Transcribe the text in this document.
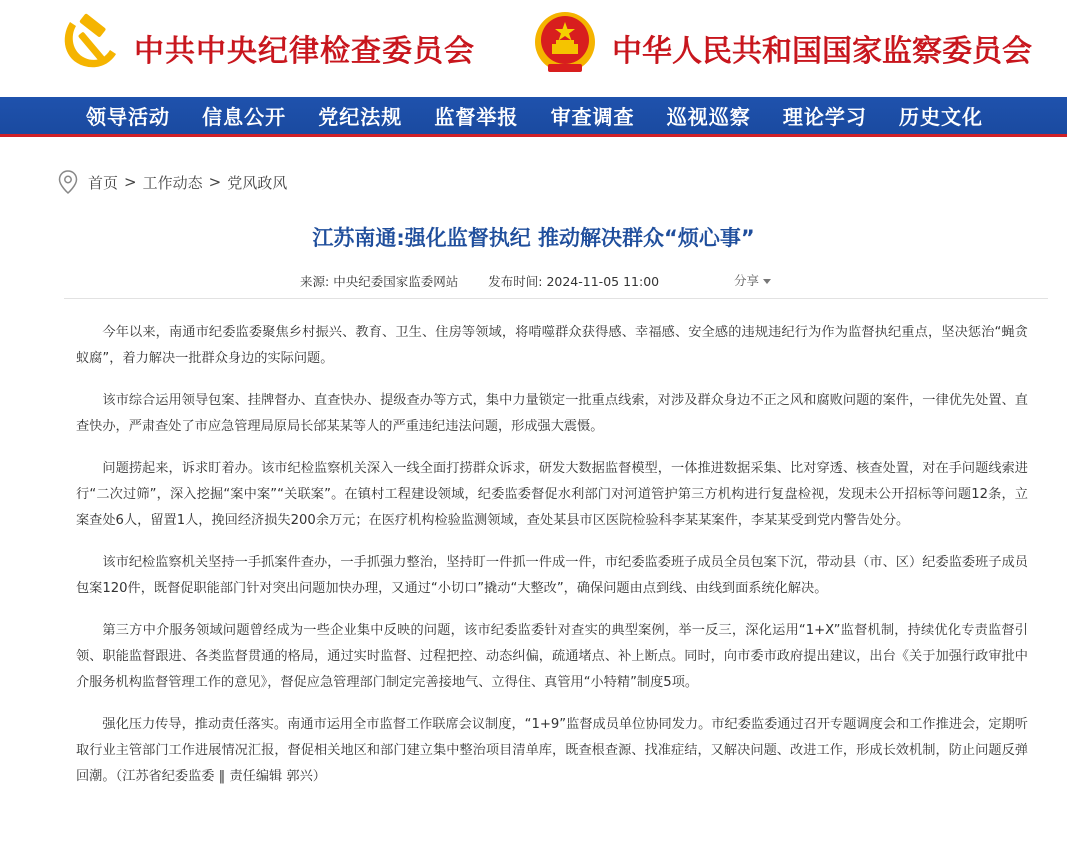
中共中央纪律检查委员会	中华人民共和国国家监察委员会
领导活动 信息公开 党纪法规 监督举报 审查调查 巡视巡察 理论学习 历史文化
首页 > 工作动态 > 党风政风
江苏南通:强化监督执纪 推动解决群众“烦心事”
来源: 中央纪委国家监委网站 发布时间: 2024-11-05 11:00	分享

今年以来，南通市纪委监委聚焦乡村振兴、教育、卫生、住房等领域，将啃噬群众获得感、幸福感、安全感的违规违纪行为作为监督执纪重点，坚决惩治“蝇贪蚁腐”，着力解决一批群众身边的实际问题。

该市综合运用领导包案、挂牌督办、直查快办、提级查办等方式，集中力量锁定一批重点线索，对涉及群众身边不正之风和腐败问题的案件，一律优先处置、直查快办，严肃查处了市应急管理局原局长邰某某等人的严重违纪违法问题，形成强大震慑。

问题捞起来，诉求盯着办。该市纪检监察机关深入一线全面打捞群众诉求，研发大数据监督模型，一体推进数据采集、比对穿透、核查处置，对在手问题线索进行“二次过筛”，深入挖掘“案中案”“关联案”。在镇村工程建设领域，纪委监委督促水利部门对河道管护第三方机构进行复盘检视，发现未公开招标等问题12条，立案查处6人，留置1人，挽回经济损失200余万元；在医疗机构检验监测领域，查处某县市区医院检验科李某某案件，李某某受到党内警告处分。

该市纪检监察机关坚持一手抓案件查办，一手抓强力整治，坚持盯一件抓一件成一件，市纪委监委班子成员全员包案下沉，带动县（市、区）纪委监委班子成员包案120件，既督促职能部门针对突出问题加快办理，又通过“小切口”撬动“大整改”，确保问题由点到线、由线到面系统化解决。

第三方中介服务领域问题曾经成为一些企业集中反映的问题，该市纪委监委针对查实的典型案例，举一反三，深化运用“1+X”监督机制，持续优化专责监督引领、职能监督跟进、各类监督贯通的格局，通过实时监督、过程把控、动态纠偏，疏通堵点、补上断点。同时，向市委市政府提出建议，出台《关于加强行政审批中介服务机构监督管理工作的意见》，督促应急管理部门制定完善接地气、立得住、真管用“小特精”制度5项。

强化压力传导，推动责任落实。南通市运用全市监督工作联席会议制度，“1+9”监督成员单位协同发力。市纪委监委通过召开专题调度会和工作推进会，定期听取行业主管部门工作进展情况汇报，督促相关地区和部门建立集中整治项目清单库，既查根查源、找准症结，又解决问题、改进工作，形成长效机制，防止问题反弹回潮。（江苏省纪委监委 ‖ 责任编辑 郭兴）
